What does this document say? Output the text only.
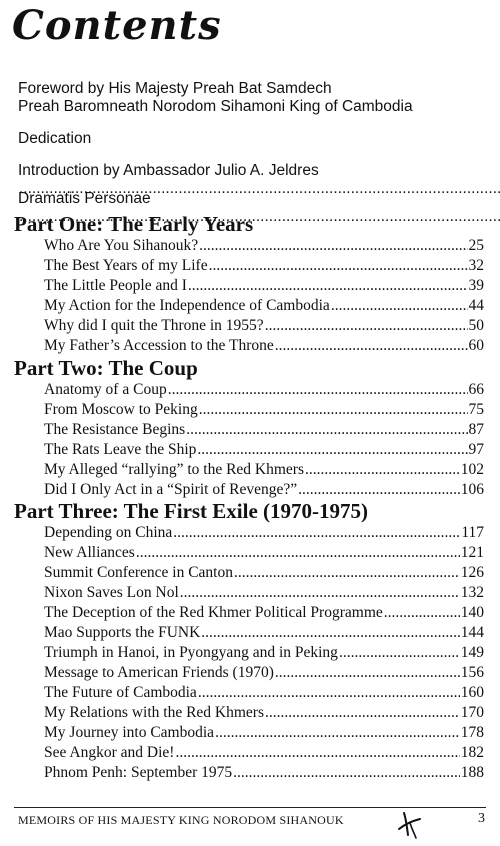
Contents
Foreword by His Majesty Preah Bat Samdech
Preah Baromneath Norodom Sihamoni King of Cambodia
Dedication
Introduction by Ambassador Julio A. Jeldres .....
Dramatis Personae .....
Part One: The Early Years
Who Are You Sihanouk? .....	25
The Best Years of my Life .....	32
The Little People and I .....	39
My Action for the Independence of Cambodia .....	44
Why did I quit the Throne in 1955? .....	50
My Father’s Accession to the Throne .....	60
Part Two: The Coup
Anatomy of a Coup .....	66
From Moscow to Peking .....	75
The Resistance Begins .....	87
The Rats Leave the Ship .....	97
My Alleged “rallying” to the Red Khmers .....	102
Did I Only Act in a “Spirit of Revenge?” .....	106
Part Three: The First Exile (1970-1975)
Depending on China .....	117
New Alliances .....	121
Summit Conference in Canton .....	126
Nixon Saves Lon Nol .....	132
The Deception of the Red Khmer Political Programme .....	140
Mao Supports the FUNK .....	144
Triumph in Hanoi, in Pyongyang and in Peking .....	149
Message to American Friends (1970) .....	156
The Future of Cambodia .....	160
My Relations with the Red Khmers .....	170
My Journey into Cambodia .....	178
See Angkor and Die! .....	182
Phnom Penh: September 1975 .....	188
MEMOIRS OF HIS MAJESTY KING NORODOM SIHANOUK	3
